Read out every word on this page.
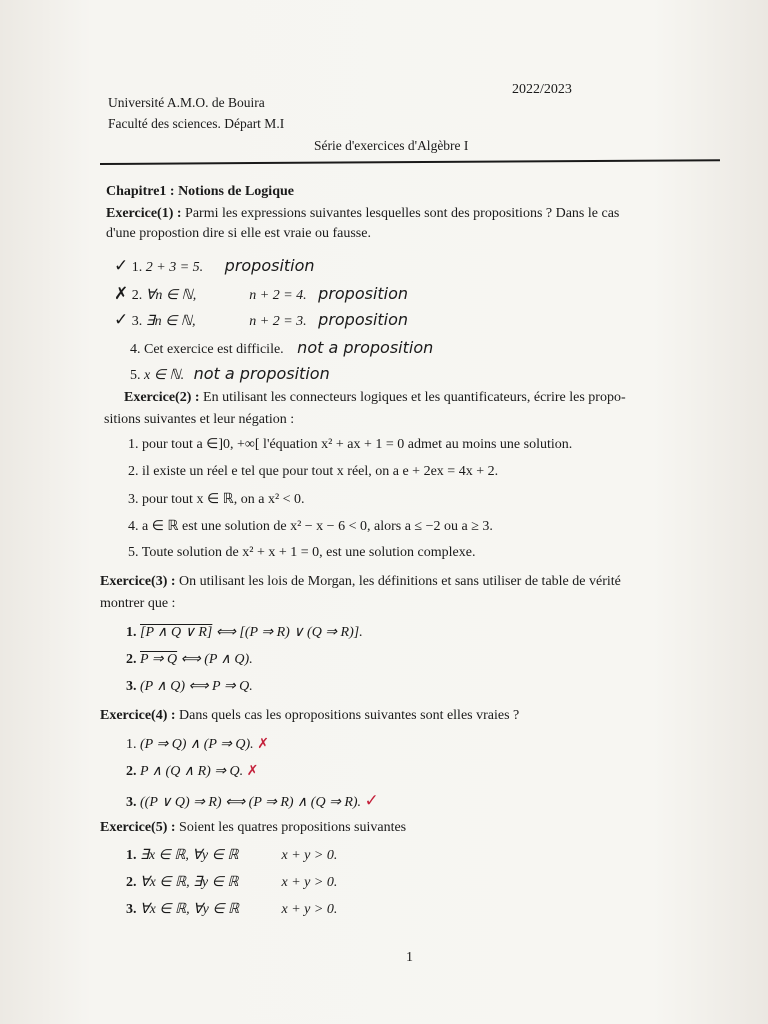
Université A.M.O. de Bouira
Faculté des sciences. Départ M.I
2022/2023
Série d'exercices d'Algèbre I
Chapitre1 : Notions de Logique
Exercice(1) : Parmi les expressions suivantes lesquelles sont des propositions ? Dans le cas
d'une propostion dire si elle est vraie ou fausse.
✓ 1. 2 + 3 = 5. proposition
✗ 2. ∀n ∈ ℕ,	n + 2 = 4. proposition
✓ 3. ∃n ∈ ℕ,	n + 2 = 3. proposition
4. Cet exercice est difficile. not a proposition
5. x ∈ ℕ. not a proposition
Exercice(2) : En utilisant les connecteurs logiques et les quantificateurs, écrire les propo-
sitions suivantes et leur négation :
1. pour tout a ∈]0, +∞[ l'équation x² + ax + 1 = 0 admet au moins une solution.
2. il existe un réel e tel que pour tout x réel, on a e + 2ex = 4x + 2.
3. pour tout x ∈ ℝ, on a x² < 0.
4. a ∈ ℝ est une solution de x² − x − 6 < 0, alors a ≤ −2 ou a ≥ 3.
5. Toute solution de x² + x + 1 = 0, est une solution complexe.
Exercice(3) : On utilisant les lois de Morgan, les définitions et sans utiliser de table de vérité
montrer que :
1. [P ∧ Q ∨ R] ⟺ [(P ⇒ R) ∨ (Q ⇒ R)].
2. P ⇒ Q ⟺ (P ∧ Q).
3. (P ∧ Q) ⟺ P ⇒ Q.
Exercice(4) : Dans quels cas les opropositions suivantes sont elles vraies ?
1. (P ⇒ Q) ∧ (P ⇒ Q). ✗
2. P ∧ (Q ∧ R) ⇒ Q. ✗
3. ((P ∨ Q) ⇒ R) ⟺ (P ⇒ R) ∧ (Q ⇒ R). ✓
Exercice(5) : Soient les quatres propositions suivantes
1. ∃x ∈ ℝ, ∀y ∈ ℝ	x + y > 0.
2. ∀x ∈ ℝ, ∃y ∈ ℝ	x + y > 0.
3. ∀x ∈ ℝ, ∀y ∈ ℝ	x + y > 0.
1
